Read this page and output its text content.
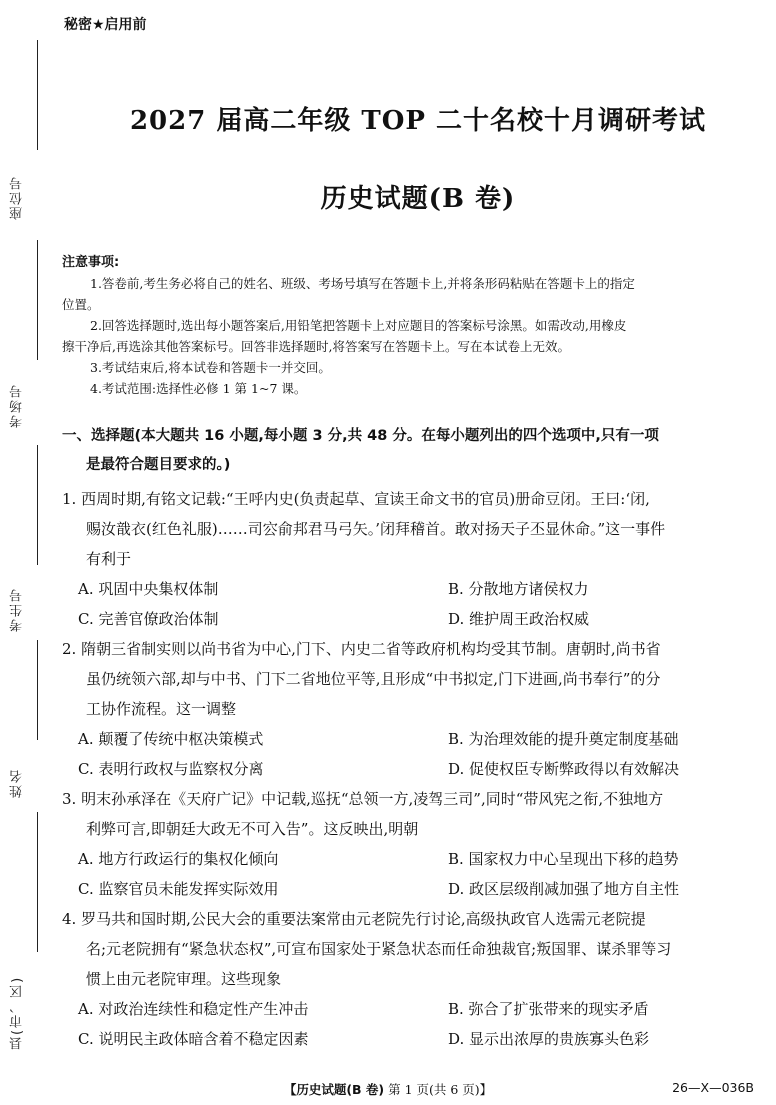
座位号
考场号
考生号
姓名
县(市、区)
秘密★启用前
2027 届高二年级 TOP 二十名校十月调研考试
历史试题(B 卷)
注意事项:
1.答卷前,考生务必将自己的姓名、班级、考场号填写在答题卡上,并将条形码粘贴在答题卡上的指定
位置。
2.回答选择题时,选出每小题答案后,用铅笔把答题卡上对应题目的答案标号涂黑。如需改动,用橡皮
擦干净后,再选涂其他答案标号。回答非选择题时,将答案写在答题卡上。写在本试卷上无效。
3.考试结束后,将本试卷和答题卡一并交回。
4.考试范围:选择性必修 1 第 1~7 课。
一、选择题(本大题共 16 小题,每小题 3 分,共 48 分。在每小题列出的四个选项中,只有一项
是最符合题目要求的。)
1. 西周时期,有铭文记载:“王呼内史(负责起草、宣读王命文书的官员)册命豆闭。王曰:‘闭,
赐汝戠衣(红色礼服)……司㝐俞邦君马弓矢。’闭拜稽首。敢对扬天子丕显休命。”这一事件
有利于
A. 巩固中央集权体制	B. 分散地方诸侯权力
C. 完善官僚政治体制	D. 维护周王政治权威
2. 隋朝三省制实则以尚书省为中心,门下、内史二省等政府机构均受其节制。唐朝时,尚书省
虽仍统领六部,却与中书、门下二省地位平等,且形成“中书拟定,门下进画,尚书奉行”的分
工协作流程。这一调整
A. 颠覆了传统中枢决策模式	B. 为治理效能的提升奠定制度基础
C. 表明行政权与监察权分离	D. 促使权臣专断弊政得以有效解决
3. 明末孙承泽在《天府广记》中记载,巡抚“总领一方,凌驾三司”,同时“带风宪之衔,不独地方
利弊可言,即朝廷大政无不可入告”。这反映出,明朝
A. 地方行政运行的集权化倾向	B. 国家权力中心呈现出下移的趋势
C. 监察官员未能发挥实际效用	D. 政区层级削减加强了地方自主性
4. 罗马共和国时期,公民大会的重要法案常由元老院先行讨论,高级执政官人选需元老院提
名;元老院拥有“紧急状态权”,可宣布国家处于紧急状态而任命独裁官;叛国罪、谋杀罪等习
惯上由元老院审理。这些现象
A. 对政治连续性和稳定性产生冲击	B. 弥合了扩张带来的现实矛盾
C. 说明民主政体暗含着不稳定因素	D. 显示出浓厚的贵族寡头色彩
【历史试题(B 卷) 第 1 页(共 6 页)】	26—X—036B
